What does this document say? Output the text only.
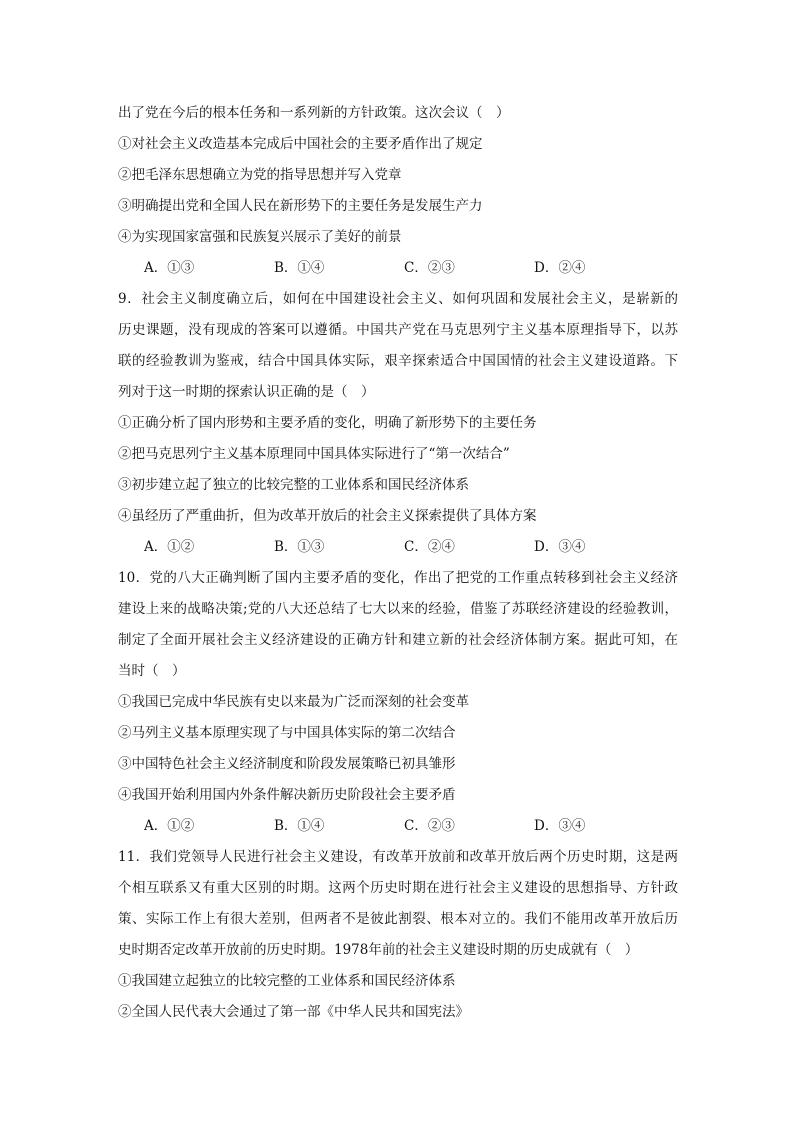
出了党在今后的根本任务和一系列新的方针政策。这次会议（　）
①对社会主义改造基本完成后中国社会的主要矛盾作出了规定
②把毛泽东思想确立为党的指导思想并写入党章
③明确提出党和全国人民在新形势下的主要任务是发展生产力
④为实现国家富强和民族复兴展示了美好的前景
A．①③	B．①④	C．②③	D．②④
9．社会主义制度确立后，如何在中国建设社会主义、如何巩固和发展社会主义，是崭新的
历史课题，没有现成的答案可以遵循。中国共产党在马克思列宁主义基本原理指导下，以苏
联的经验教训为鉴戒，结合中国具体实际，艰辛探索适合中国国情的社会主义建设道路。下
列对于这一时期的探索认识正确的是（　）
①正确分析了国内形势和主要矛盾的变化，明确了新形势下的主要任务
②把马克思列宁主义基本原理同中国具体实际进行了“第一次结合”
③初步建立起了独立的比较完整的工业体系和国民经济体系
④虽经历了严重曲折，但为改革开放后的社会主义探索提供了具体方案
A．①②	B．①③	C．②④	D．③④
10．党的八大正确判断了国内主要矛盾的变化，作出了把党的工作重点转移到社会主义经济
建设上来的战略决策;党的八大还总结了七大以来的经验，借鉴了苏联经济建设的经验教训，
制定了全面开展社会主义经济建设的正确方针和建立新的社会经济体制方案。据此可知，在
当时（　）
①我国已完成中华民族有史以来最为广泛而深刻的社会变革
②马列主义基本原理实现了与中国具体实际的第二次结合
③中国特色社会主义经济制度和阶段发展策略已初具雏形
④我国开始利用国内外条件解决新历史阶段社会主要矛盾
A．①②	B．①④	C．②③	D．③④
11．我们党领导人民进行社会主义建设，有改革开放前和改革开放后两个历史时期，这是两
个相互联系又有重大区别的时期。这两个历史时期在进行社会主义建设的思想指导、方针政
策、实际工作上有很大差别，但两者不是彼此割裂、根本对立的。我们不能用改革开放后历
史时期否定改革开放前的历史时期。1978年前的社会主义建设时期的历史成就有（　）
①我国建立起独立的比较完整的工业体系和国民经济体系
②全国人民代表大会通过了第一部《中华人民共和国宪法》
